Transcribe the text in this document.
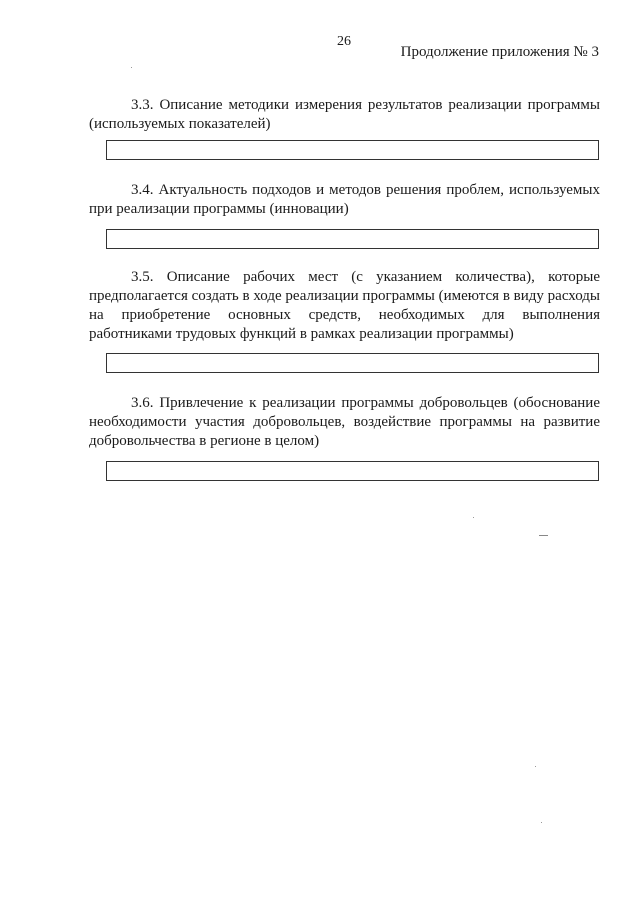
26
Продолжение приложения № 3

3.3. Описание методики измерения результатов реализации программы (используемых показателей)

3.4. Актуальность подходов и методов решения проблем, используемых при реализации программы (инновации)

3.5. Описание рабочих мест (с указанием количества), которые предполагается создать в ходе реализации программы (имеются в виду расходы на приобретение основных средств, необходимых для выполнения работниками трудовых функций в рамках реализации программы)

3.6. Привлечение к реализации программы добровольцев (обоснование необходимости участия добровольцев, воздействие программы на развитие добровольчества в регионе в целом)
